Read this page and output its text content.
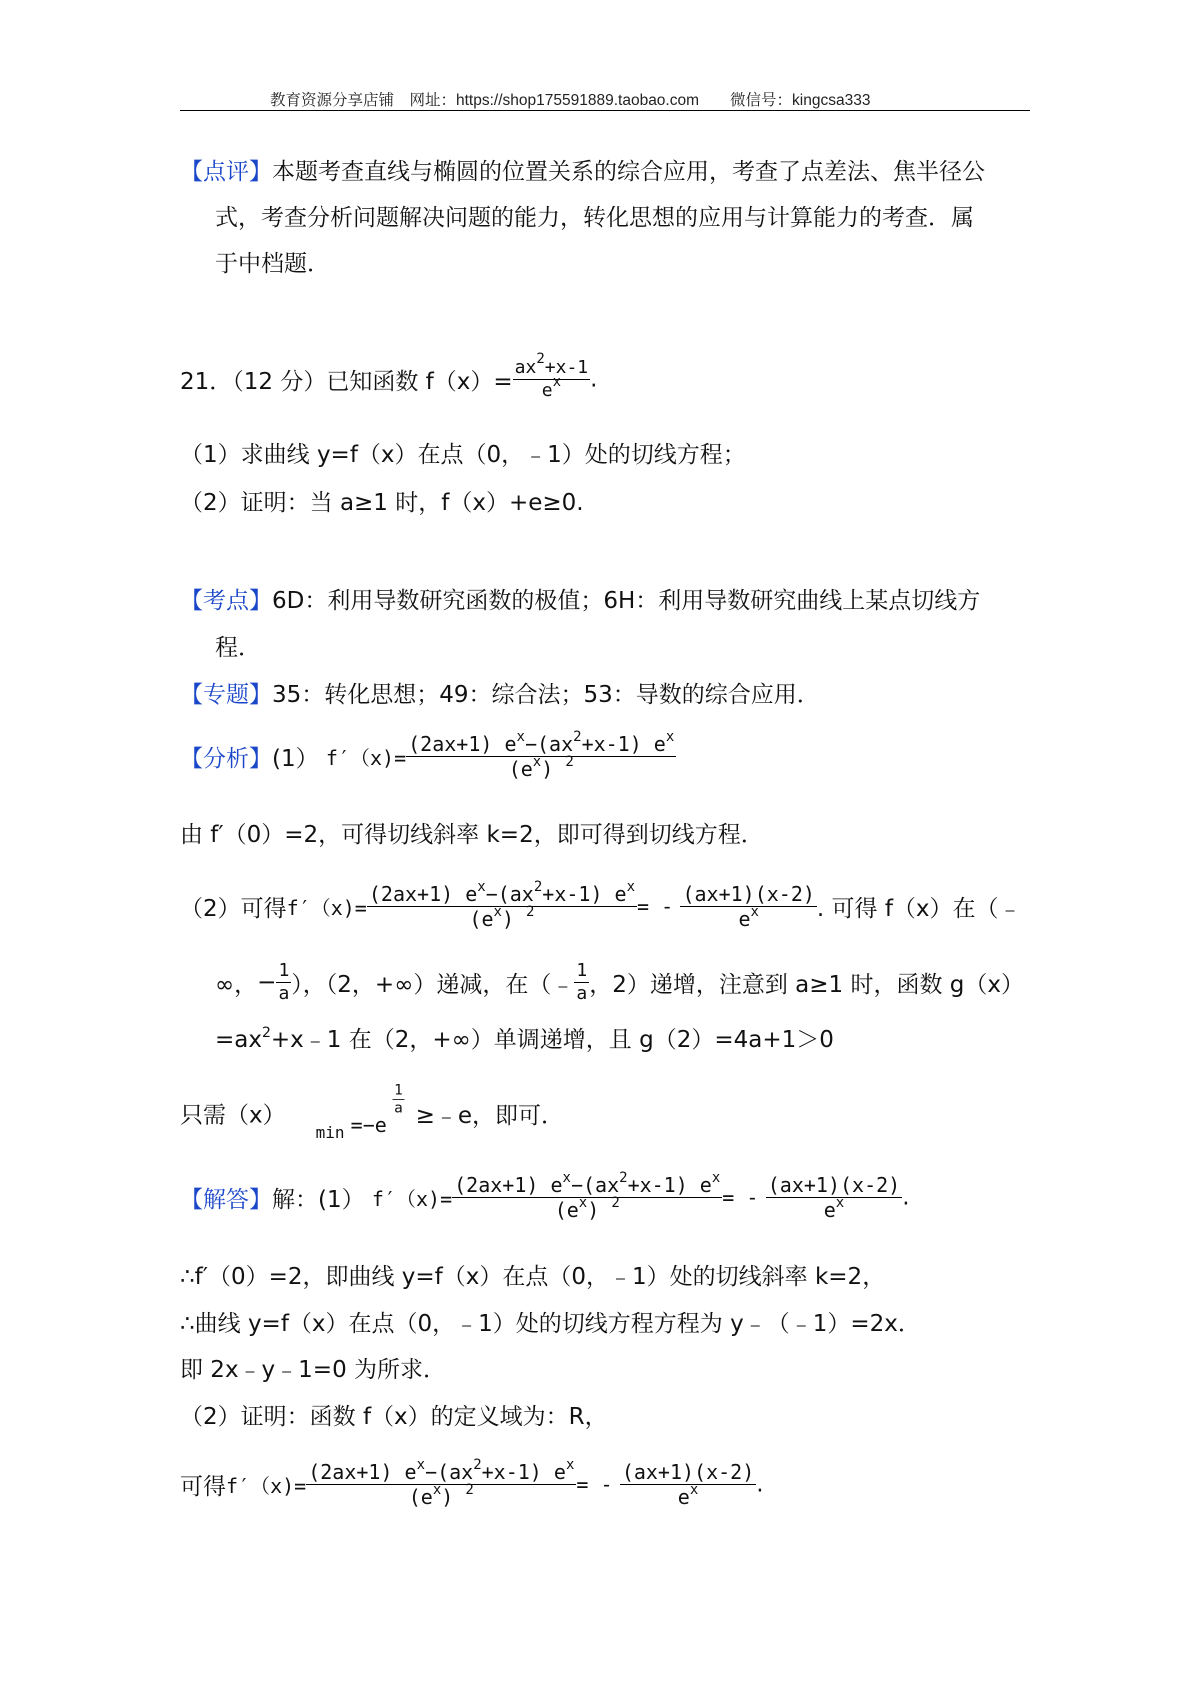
教育资源分享店铺　网址：https://shop175591889.taobao.com　　微信号：kingcsa333
【点评】本题考查直线与椭圆的位置关系的综合应用，考查了点差法、焦半径公
式，考查分析问题解决问题的能力，转化思想的应用与计算能力的考查．属
于中档题．
21．（12 分）已知函数 $f(x)= \frac{ax^2+x-1}{e^x}$ .
（1）求曲线 y=f（x）在点（0，﹣1）处的切线方程；
（2）证明：当 a≥1 时，f（x）+e≥0.
【考点】6D：利用导数研究函数的极值；6H：利用导数研究曲线上某点切线方
程．
【专题】35：转化思想；49：综合法；53：导数的综合应用．
【分析】(1） $f'(x)= \frac{(2ax+1) e^x-(ax^2+x-1) e^x}{(e^x) ^2}$
由 f′（0）=2，可得切线斜率 k=2，即可得到切线方程．
（2）可得$f'(x)= \frac{(2ax+1) e^x-(ax^2+x-1) e^x}{(e^x) ^2}$ = - $\frac{(ax+1)(x-2)}{e^x}$ . 可得 f（x）在（﹣
∞，− $\frac{1}{a}$ ），（2，+∞）递减，在（﹣ $\frac{1}{a}$ ，2）递增，注意到 a≥1 时，函数 g（x）
$=ax^2+x﹣1$ 在（2，+∞）单调递增，且 g（2）=4a+1＞0
只需（x）
min =−e
$\frac{1}{a}$ ≥﹣e，即可．
【解答】解：(1） $f'(x)= \frac{(2ax+1) e^x-(ax^2+x-1) e^x}{(e^x) ^2}$ = - $\frac{(ax+1)(x-2)}{e^x}$ .
∴f′（0）=2，即曲线 y=f（x）在点（0，﹣1）处的切线斜率 k=2，
∴曲线 y=f（x）在点（0，﹣1）处的切线方程方程为 y﹣（﹣1）=2x．
即 2x﹣y﹣1=0 为所求．
（2）证明：函数 f（x）的定义域为：R，
可得$f'(x)= \frac{(2ax+1) e^x-(ax^2+x-1) e^x}{(e^x) ^2}$ = - $\frac{(ax+1)(x-2)}{e^x}$ .
